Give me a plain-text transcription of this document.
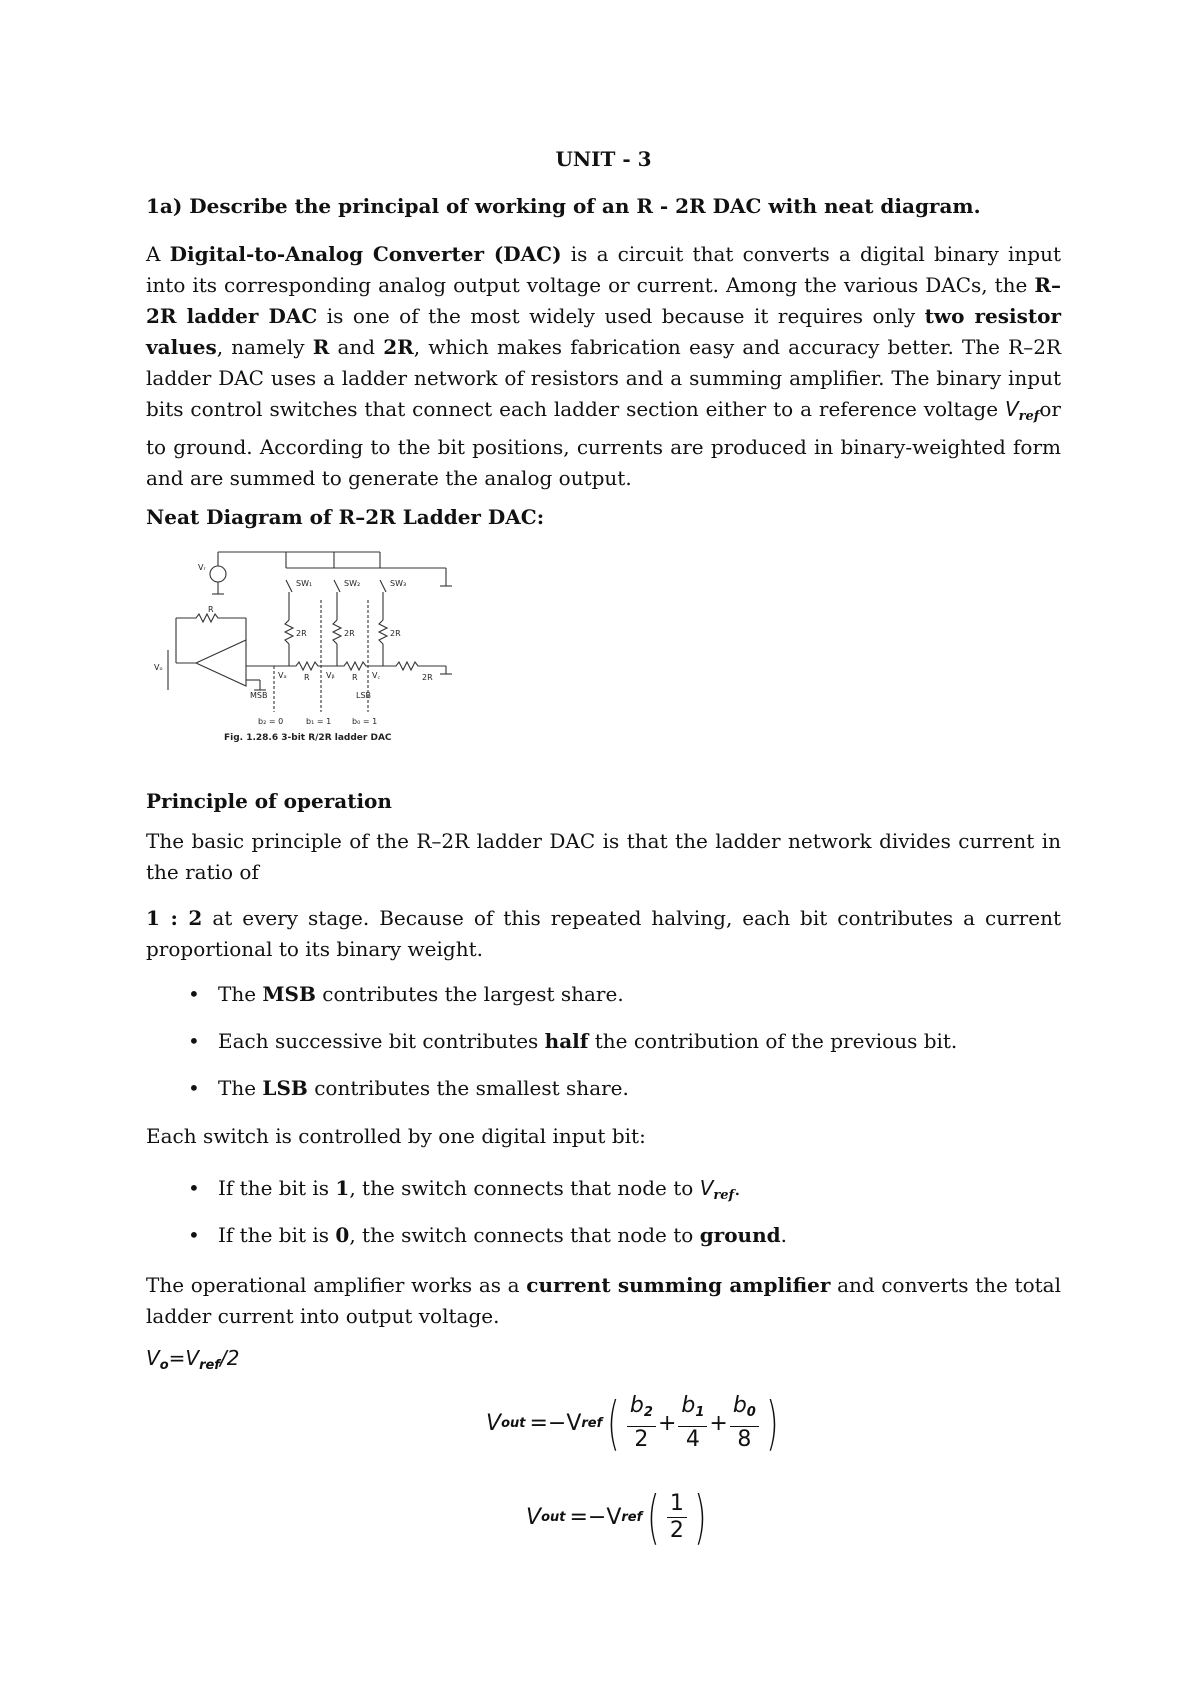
UNIT - 3
1a) Describe the principal of working of an R - 2R DAC with neat diagram.
A Digital-to-Analog Converter (DAC) is a circuit that converts a digital binary input into its corresponding analog output voltage or current. Among the various DACs, the R–2R ladder DAC is one of the most widely used because it requires only two resistor values, namely R and 2R, which makes fabrication easy and accuracy better. The R–2R ladder DAC uses a ladder network of resistors and a summing amplifier. The binary input bits control switches that connect each ladder section either to a reference voltage $V_{ref}or$ to ground. According to the bit positions, currents are produced in binary-weighted form and are summed to generate the analog output.
Neat Diagram of R–2R Ladder DAC:
Vᵣ
SW₁	SW₂	SW₃
R
2R	2R	2R
2R
R	R
Vₐ	Vᵦ	V꜀
MSB	LSB
b₂ = 0	b₁ = 1	b₀ = 1
Vₒ
Fig. 1.28.6 3-bit R/2R ladder DAC
Principle of operation
The basic principle of the R–2R ladder DAC is that the ladder network divides current in the ratio of
1 : 2 at every stage. Because of this repeated halving, each bit contributes a current proportional to its binary weight.
• The MSB contributes the largest share.
• Each successive bit contributes half the contribution of the previous bit.
• The LSB contributes the smallest share.
Each switch is controlled by one digital input bit:
• If the bit is 1, the switch connects that node to $V_{ref}$.
• If the bit is 0, the switch connects that node to ground.
The operational amplifier works as a current summing amplifier and converts the total ladder current into output voltage.
$V_o=V_{ref}/2$
V out =−V ref ( $\frac{b_2}{2} + \frac{b_1}{4} + \frac{b_0}{8}$ )
V out =−V ref ( $\frac{1}{2}$ )
